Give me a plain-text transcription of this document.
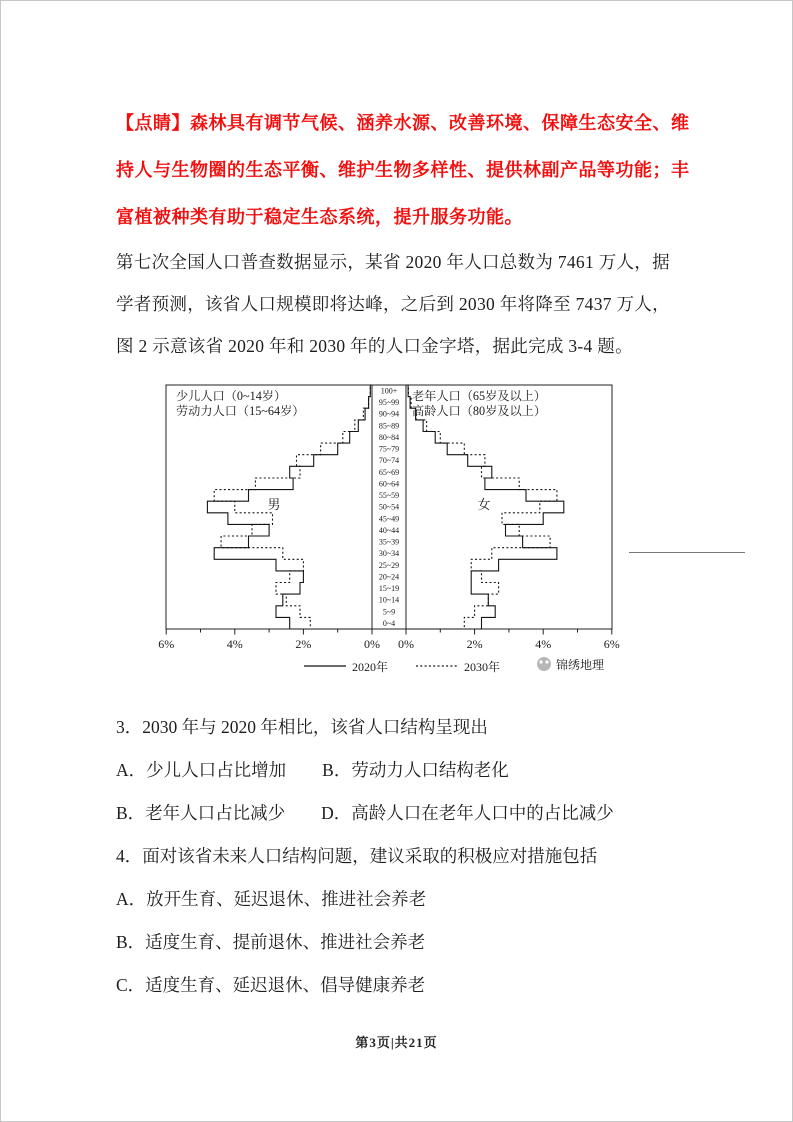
【点睛】森林具有调节气候、涵养水源、改善环境、保障生态安全、维

持人与生物圈的生态平衡、维护生物多样性、提供林副产品等功能；丰

富植被种类有助于稳定生态系统，提升服务功能。

第七次全国人口普查数据显示，某省 2020 年人口总数为 7461 万人，据

学者预测，该省人口规模即将达峰，之后到 2030 年将降至 7437 万人，

图 2 示意该省 2020 年和 2030 年的人口金字塔，据此完成 3-4 题。

0~4
5~9
10~14
15~19
20~24
25~29
30~34
35~39
40~44
45~49
50~54
55~59
60~64
65~69
70~74
75~79
80~84
85~89
90~94
95~99
100+
0% 0%
2%	2%
4%	4%
6%	6%
少儿人口（0~14岁）
劳动力人口（15~64岁）
老年人口（65岁及以上）
高龄人口（80岁及以上）
男	女
2020年	2030年	锦绣地理

3．2030 年与 2020 年相比，该省人口结构呈现出

A．少儿人口占比增加 B．劳动力人口结构老化

B．老年人口占比减少 D．高龄人口在老年人口中的占比减少

4．面对该省未来人口结构问题，建议采取的积极应对措施包括

A．放开生育、延迟退休、推进社会养老

B．适度生育、提前退休、推进社会养老

C．适度生育、延迟退休、倡导健康养老

第3页|共21页
